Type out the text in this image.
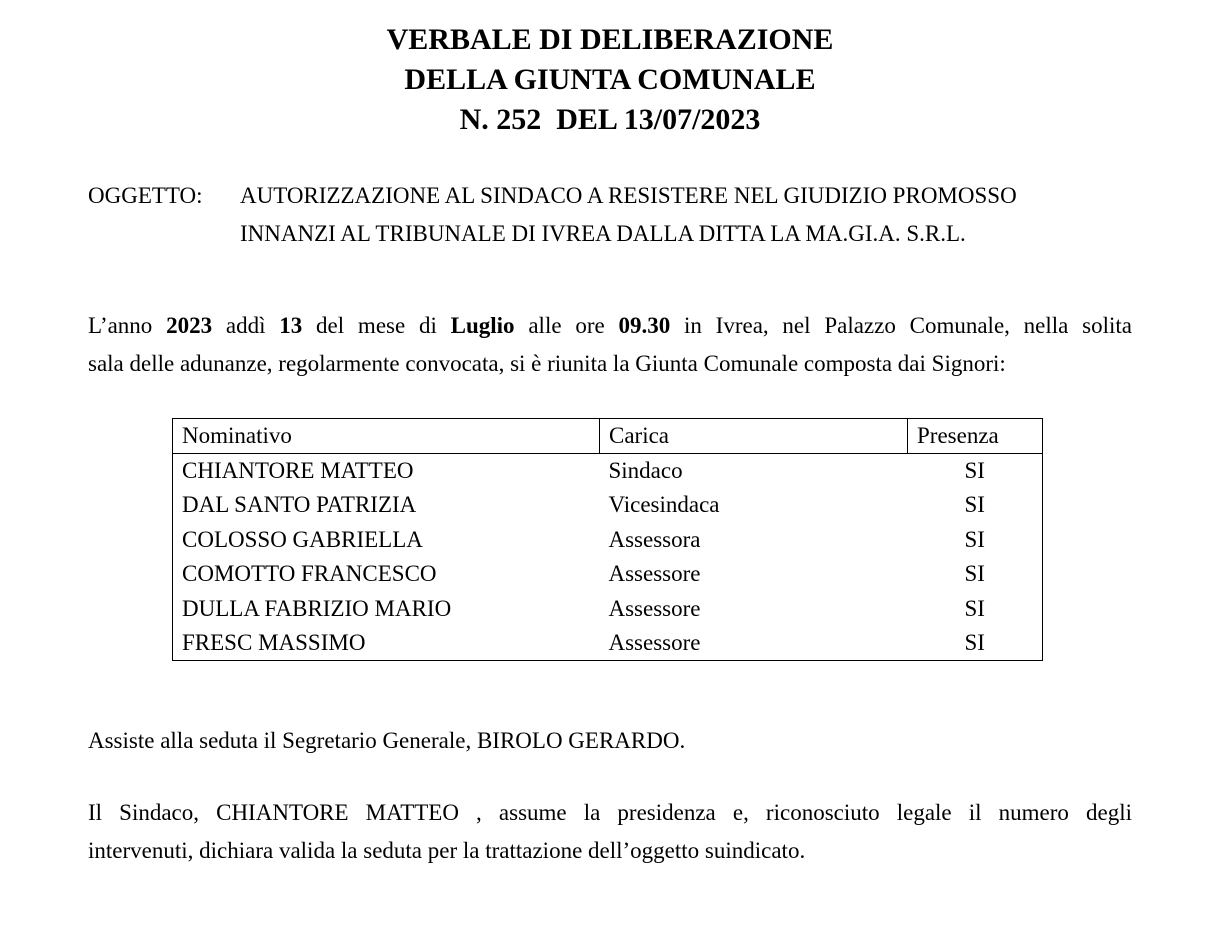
VERBALE DI DELIBERAZIONE
DELLA GIUNTA COMUNALE
N. 252  DEL 13/07/2023
OGGETTO:	AUTORIZZAZIONE AL SINDACO A RESISTERE NEL GIUDIZIO PROMOSSO
INNANZI AL TRIBUNALE DI IVREA DALLA DITTA LA MA.GI.A. S.R.L.
L’anno 2023 addì 13 del mese di Luglio alle ore 09.30 in Ivrea, nel Palazzo Comunale, nella solita
sala delle adunanze, regolarmente convocata, si è riunita la Giunta Comunale composta dai Signori:
Nominativo	Carica	Presenza
CHIANTORE MATTEO	Sindaco	SI
DAL SANTO PATRIZIA	Vicesindaca	SI
COLOSSO GABRIELLA	Assessora	SI
COMOTTO FRANCESCO	Assessore	SI
DULLA FABRIZIO MARIO	Assessore	SI
FRESC MASSIMO	Assessore	SI
Assiste alla seduta il Segretario Generale, BIROLO GERARDO.
Il Sindaco, CHIANTORE MATTEO , assume la presidenza e, riconosciuto legale il numero degli
intervenuti, dichiara valida la seduta per la trattazione dell’oggetto suindicato.
